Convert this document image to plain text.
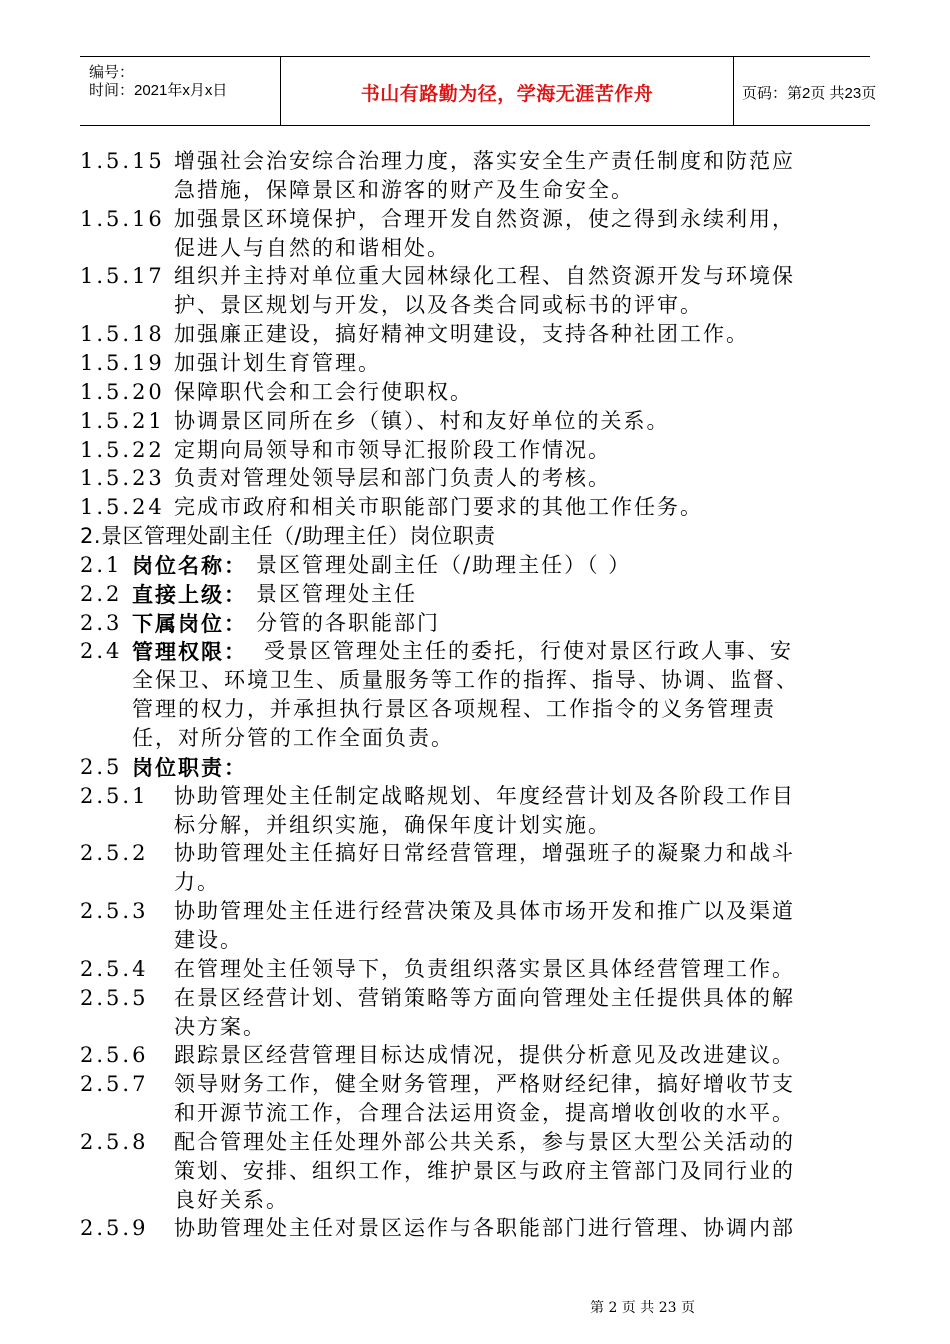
编号：
时间：2021年x月x日	书山有路勤为径，学海无涯苦作舟	页码：第2页 共23页
1.5.15 增强社会治安综合治理力度，落实安全生产责任制度和防范应
急措施，保障景区和游客的财产及生命安全。
1.5.16 加强景区环境保护，合理开发自然资源，使之得到永续利用，
促进人与自然的和谐相处。
1.5.17 组织并主持对单位重大园林绿化工程、自然资源开发与环境保
护、景区规划与开发，以及各类合同或标书的评审。
1.5.18 加强廉正建设，搞好精神文明建设，支持各种社团工作。
1.5.19 加强计划生育管理。
1.5.20 保障职代会和工会行使职权。
1.5.21 协调景区同所在乡（镇）、村和友好单位的关系。
1.5.22 定期向局领导和市领导汇报阶段工作情况。
1.5.23 负责对管理处领导层和部门负责人的考核。
1.5.24 完成市政府和相关市职能部门要求的其他工作任务。
2.景区管理处副主任（/助理主任）岗位职责
2.1 岗位名称： 景区管理处副主任（/助理主任）（ ）
2.2 直接上级： 景区管理处主任
2.3 下属岗位： 分管的各职能部门
2.4 管理权限： 受景区管理处主任的委托，行使对景区行政人事、安
全保卫、环境卫生、质量服务等工作的指挥、指导、协调、监督、
管理的权力，并承担执行景区各项规程、工作指令的义务管理责
任，对所分管的工作全面负责。
2.5 岗位职责：
2.5.1 协助管理处主任制定战略规划、年度经营计划及各阶段工作目
标分解，并组织实施，确保年度计划实施。
2.5.2 协助管理处主任搞好日常经营管理，增强班子的凝聚力和战斗
力。
2.5.3 协助管理处主任进行经营决策及具体市场开发和推广以及渠道
建设。
2.5.4 在管理处主任领导下，负责组织落实景区具体经营管理工作。
2.5.5 在景区经营计划、营销策略等方面向管理处主任提供具体的解
决方案。
2.5.6 跟踪景区经营管理目标达成情况，提供分析意见及改进建议。
2.5.7 领导财务工作，健全财务管理，严格财经纪律，搞好增收节支
和开源节流工作，合理合法运用资金，提高增收创收的水平。
2.5.8 配合管理处主任处理外部公共关系，参与景区大型公关活动的
策划、安排、组织工作，维护景区与政府主管部门及同行业的
良好关系。
2.5.9 协助管理处主任对景区运作与各职能部门进行管理、协调内部
第 2 页 共 23 页
